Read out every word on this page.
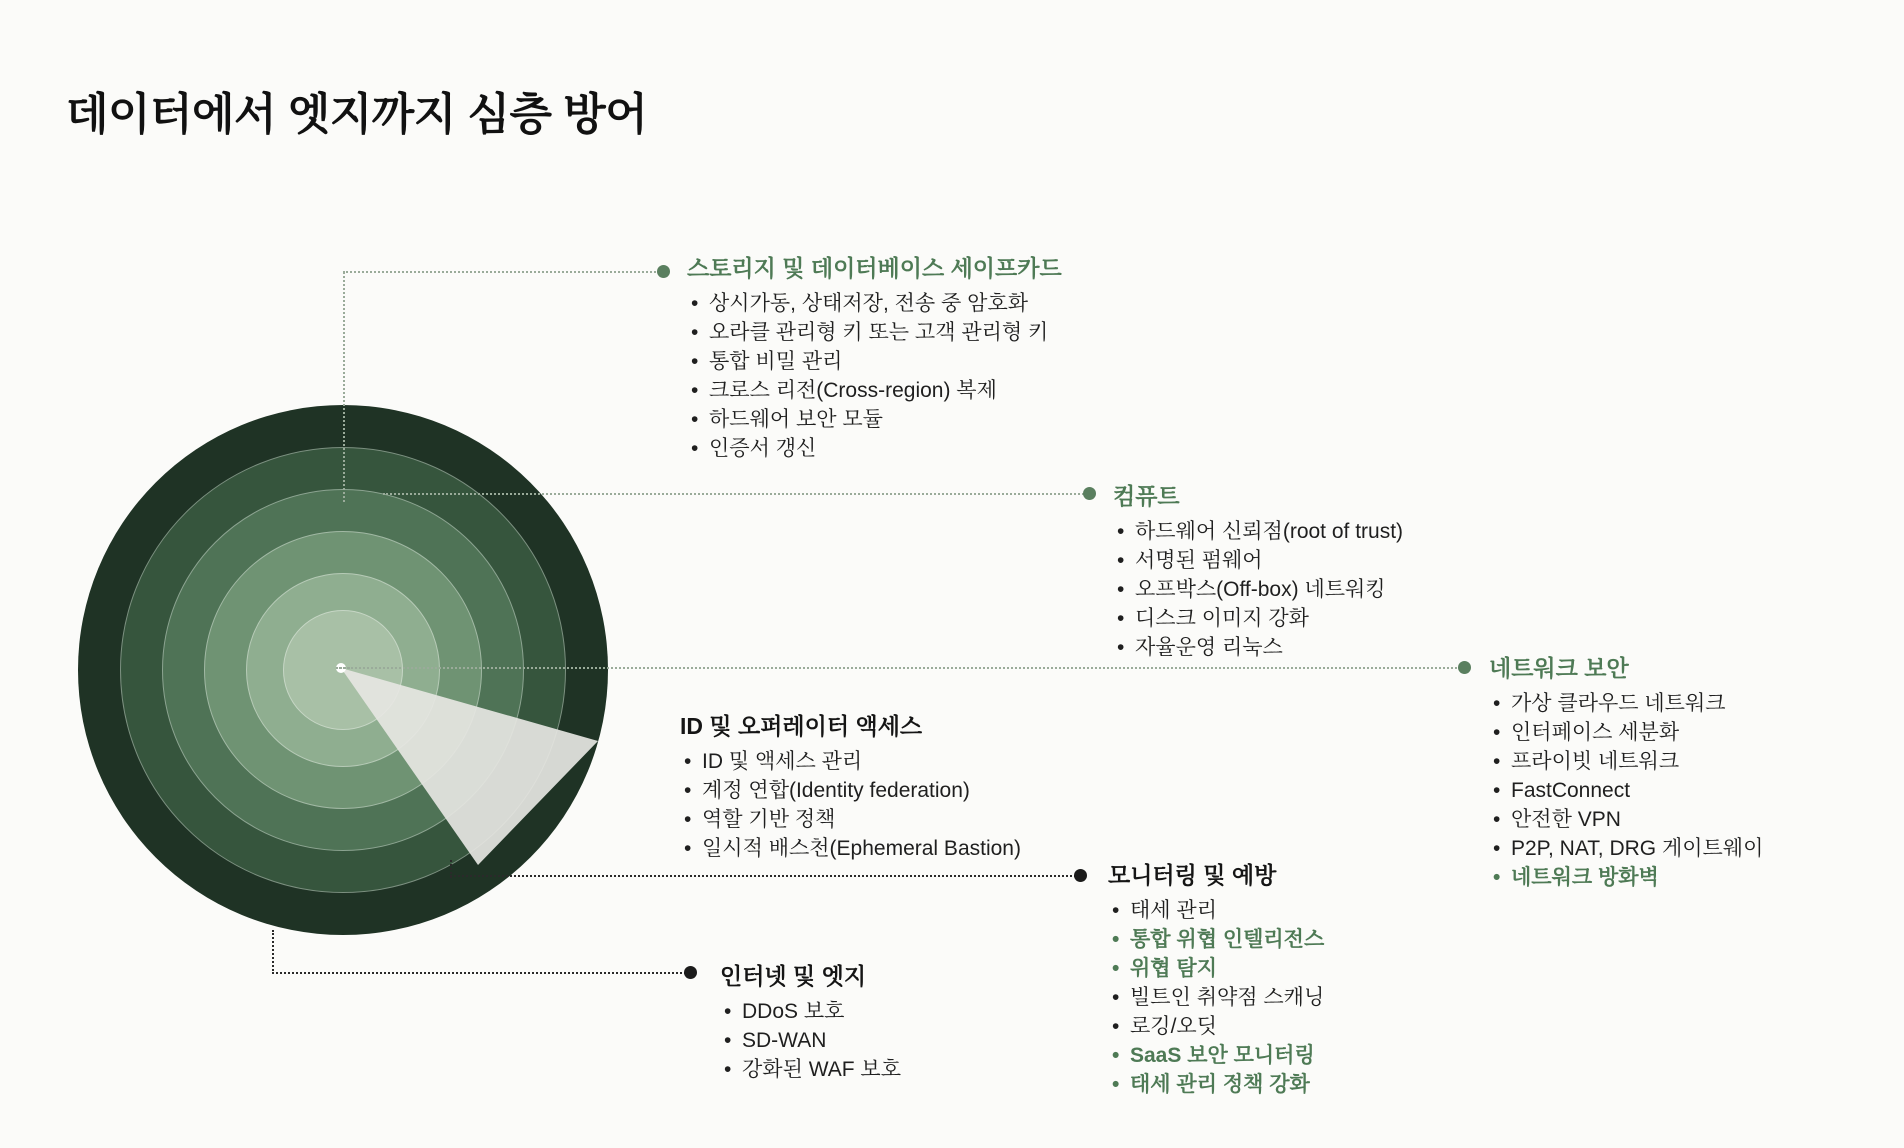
데이터에서 엣지까지 심층 방어
스토리지 및 데이터베이스 세이프카드
• 상시가동, 상태저장, 전송 중 암호화
• 오라클 관리형 키 또는 고객 관리형 키
• 통합 비밀 관리
• 크로스 리전(Cross-region) 복제
• 하드웨어 보안 모듈
• 인증서 갱신
컴퓨트
• 하드웨어 신뢰점(root of trust)
• 서명된 펌웨어
• 오프박스(Off-box) 네트워킹
• 디스크 이미지 강화
• 자율운영 리눅스
네트워크 보안
• 가상 클라우드 네트워크
• 인터페이스 세분화
• 프라이빗 네트워크
• FastConnect
• 안전한 VPN
• P2P, NAT, DRG 게이트웨이
• 네트워크 방화벽
ID 및 오퍼레이터 액세스
• ID 및 액세스 관리
• 계정 연합(Identity federation)
• 역할 기반 정책
• 일시적 배스천(Ephemeral Bastion)
모니터링 및 예방
• 태세 관리
• 통합 위협 인텔리전스
• 위협 탐지
• 빌트인 취약점 스캐닝
• 로깅/오딧
• SaaS 보안 모니터링
• 태세 관리 정책 강화
인터넷 및 엣지
• DDoS 보호
• SD-WAN
• 강화된 WAF 보호
